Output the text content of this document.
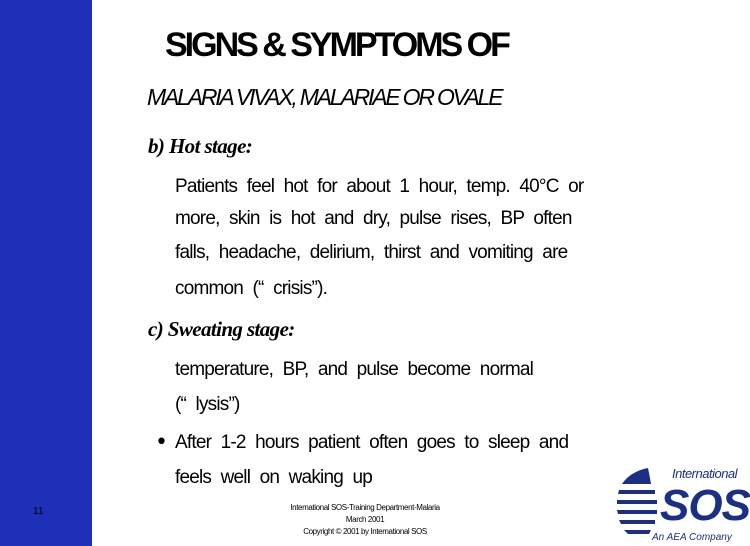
SIGNS & SYMPTOMS OF
MALARIA VIVAX, MALARIAE OR OVALE
b) Hot stage:
Patients feel hot for about 1 hour, temp. 40°C or
more, skin is hot and dry, pulse rises, BP often
falls, headache, delirium, thirst and vomiting are
common (“ crisis”).
c) Sweating stage:
temperature, BP, and pulse become normal
(“ lysis”)
• After 1-2 hours patient often goes to sleep and
feels well on waking up
11	International SOS-Training Department-Malaria
March 2001
Copyright © 2001 by International SOS
International
SOS
An AEA Company
